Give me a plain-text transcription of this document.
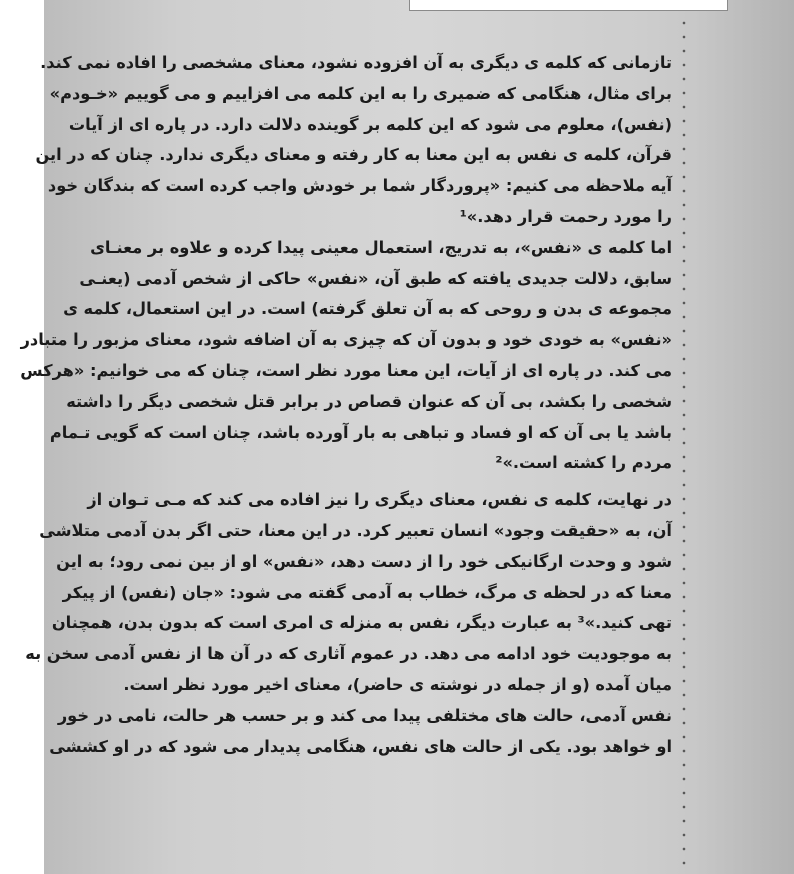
تازمانی که کلمه ی دیگری به آن افزوده نشود، معنای مشخصی را افاده نمی کند.
برای مثال، هنگامی که ضمیری را به این کلمه می افزاییم و می گوییم «خـودم»
(نفس)، معلوم می شود که این کلمه بر گوینده دلالت دارد. در پاره ای از آیات
قرآن، کلمه ی نفس به این معنا به کار رفته و معنای دیگری ندارد. چنان که در این
آیه ملاحظه می کنیم: «پروردگار شما بر خودش واجب کرده است که بندگان خود
را مورد رحمت قرار دهد.»¹
اما کلمه ی «نفس»، به تدریج، استعمال معینی پیدا کرده و علاوه بر معنـای
سابق، دلالت جدیدی یافته که طبق آن، «نفس» حاکی از شخص آدمی (یعنـی
مجموعه ی بدن و روحی که به آن تعلق گرفته) است. در این استعمال، کلمه ی
«نفس» به خودی خود و بدون آن که چیزی به آن اضافه شود، معنای مزبور را متبادر
می کند. در پاره ای از آیات، این معنا مورد نظر است، چنان که می خوانیم: «هرکس
شخصی را بکشد، بی آن که عنوان قصاص در برابر قتل شخصی دیگر را داشته
باشد یا بی آن که او فساد و تباهی به بار آورده باشد، چنان است که گویی تـمام
مردم را کشته است.»²
در نهایت، کلمه ی نفس، معنای دیگری را نیز افاده می کند که مـی تـوان از
آن، به «حقیقت وجود» انسان تعبیر کرد. در این معنا، حتی اگر بدن آدمی متلاشی
شود و وحدت ارگانیکی خود را از دست دهد، «نفس» او از بین نمی رود؛ به این
معنا که در لحظه ی مرگ، خطاب به آدمی گفته می شود: «جان (نفس) از پیکر
تهی کنید.»³ به عبارت دیگر، نفس به منزله ی امری است که بدون بدن، همچنان
به موجودیت خود ادامه می دهد. در عموم آثاری که در آن ها از نفس آدمی سخن به
میان آمده (و از جمله در نوشته ی حاضر)، معنای اخیر مورد نظر است.
نفس آدمی، حالت های مختلفی پیدا می کند و بر حسب هر حالت، نامی در خور
او خواهد بود. یکی از حالت های نفس، هنگامی پدیدار می شود که در او کششی
